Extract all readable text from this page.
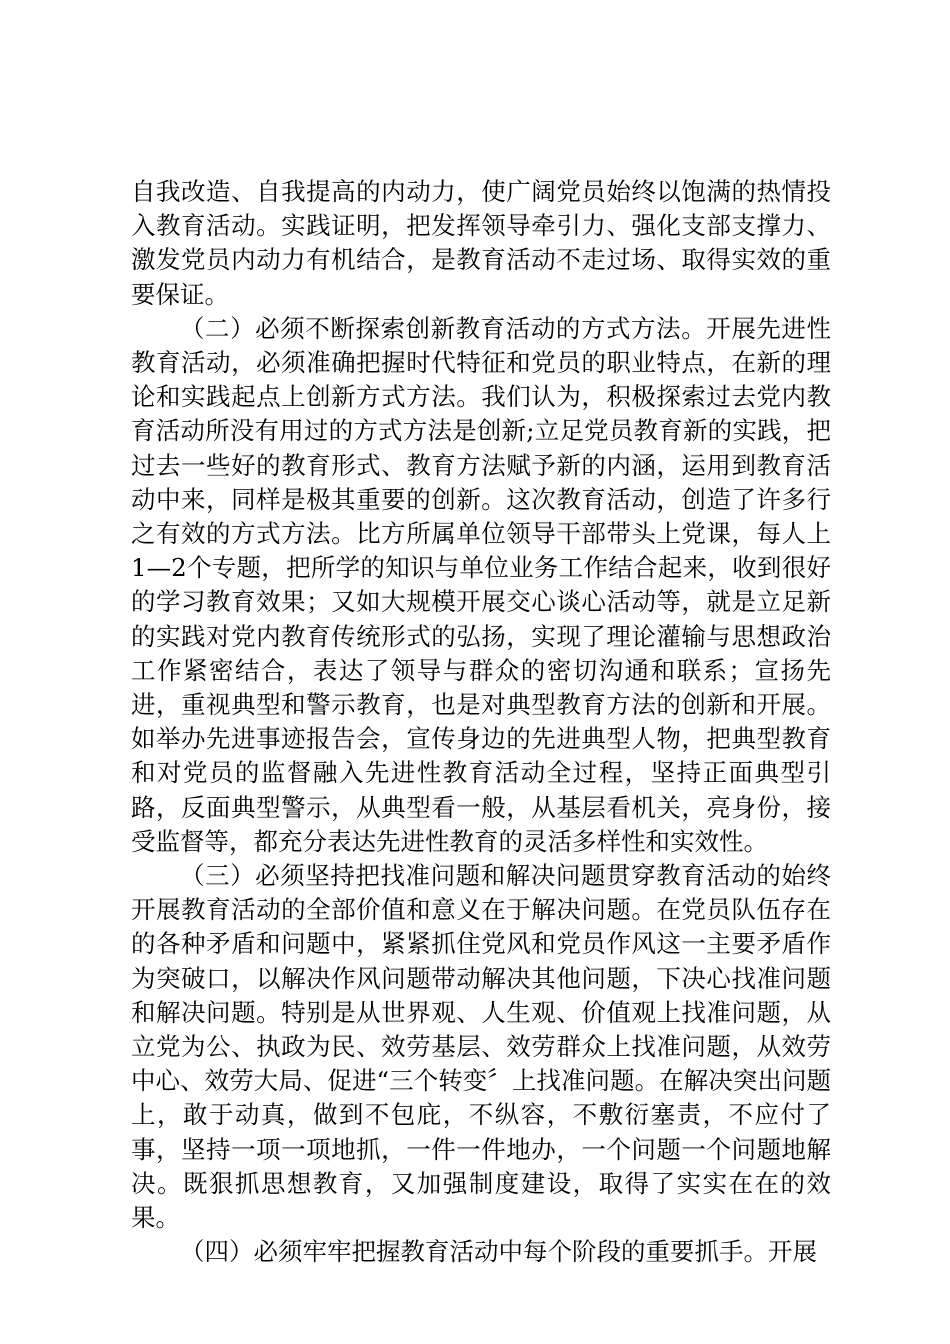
自我改造、自我提高的内动力，使广阔党员始终以饱满的热情投入教育活动。实践证明，把发挥领导牵引力、强化支部支撑力、激发党员内动力有机结合，是教育活动不走过场、取得实效的重要保证。

（二）必须不断探索创新教育活动的方式方法。开展先进性教育活动，必须准确把握时代特征和党员的职业特点，在新的理论和实践起点上创新方式方法。我们认为，积极探索过去党内教育活动所没有用过的方式方法是创新;立足党员教育新的实践，把过去一些好的教育形式、教育方法赋予新的内涵，运用到教育活动中来，同样是极其重要的创新。这次教育活动，创造了许多行之有效的方式方法。比方所属单位领导干部带头上党课，每人上1—2个专题，把所学的知识与单位业务工作结合起来，收到很好的学习教育效果；又如大规模开展交心谈心活动等，就是立足新的实践对党内教育传统形式的弘扬，实现了理论灌输与思想政治工作紧密结合，表达了领导与群众的密切沟通和联系；宣扬先进，重视典型和警示教育，也是对典型教育方法的创新和开展。如举办先进事迹报告会，宣传身边的先进典型人物，把典型教育和对党员的监督融入先进性教育活动全过程，坚持正面典型引路，反面典型警示，从典型看一般，从基层看机关，亮身份，接受监督等，都充分表达先进性教育的灵活多样性和实效性。

（三）必须坚持把找准问题和解决问题贯穿教育活动的始终开展教育活动的全部价值和意义在于解决问题。在党员队伍存在的各种矛盾和问题中，紧紧抓住党风和党员作风这一主要矛盾作为突破口，以解决作风问题带动解决其他问题，下决心找准问题和解决问题。特别是从世界观、人生观、价值观上找准问题，从立党为公、执政为民、效劳基层、效劳群众上找准问题，从效劳中心、效劳大局、促进“三个转变〞上找准问题。在解决突出问题上，敢于动真，做到不包庇，不纵容，不敷衍塞责，不应付了事，坚持一项一项地抓，一件一件地办，一个问题一个问题地解决。既狠抓思想教育，又加强制度建设，取得了实实在在的效果。

（四）必须牢牢把握教育活动中每个阶段的重要抓手。开展
